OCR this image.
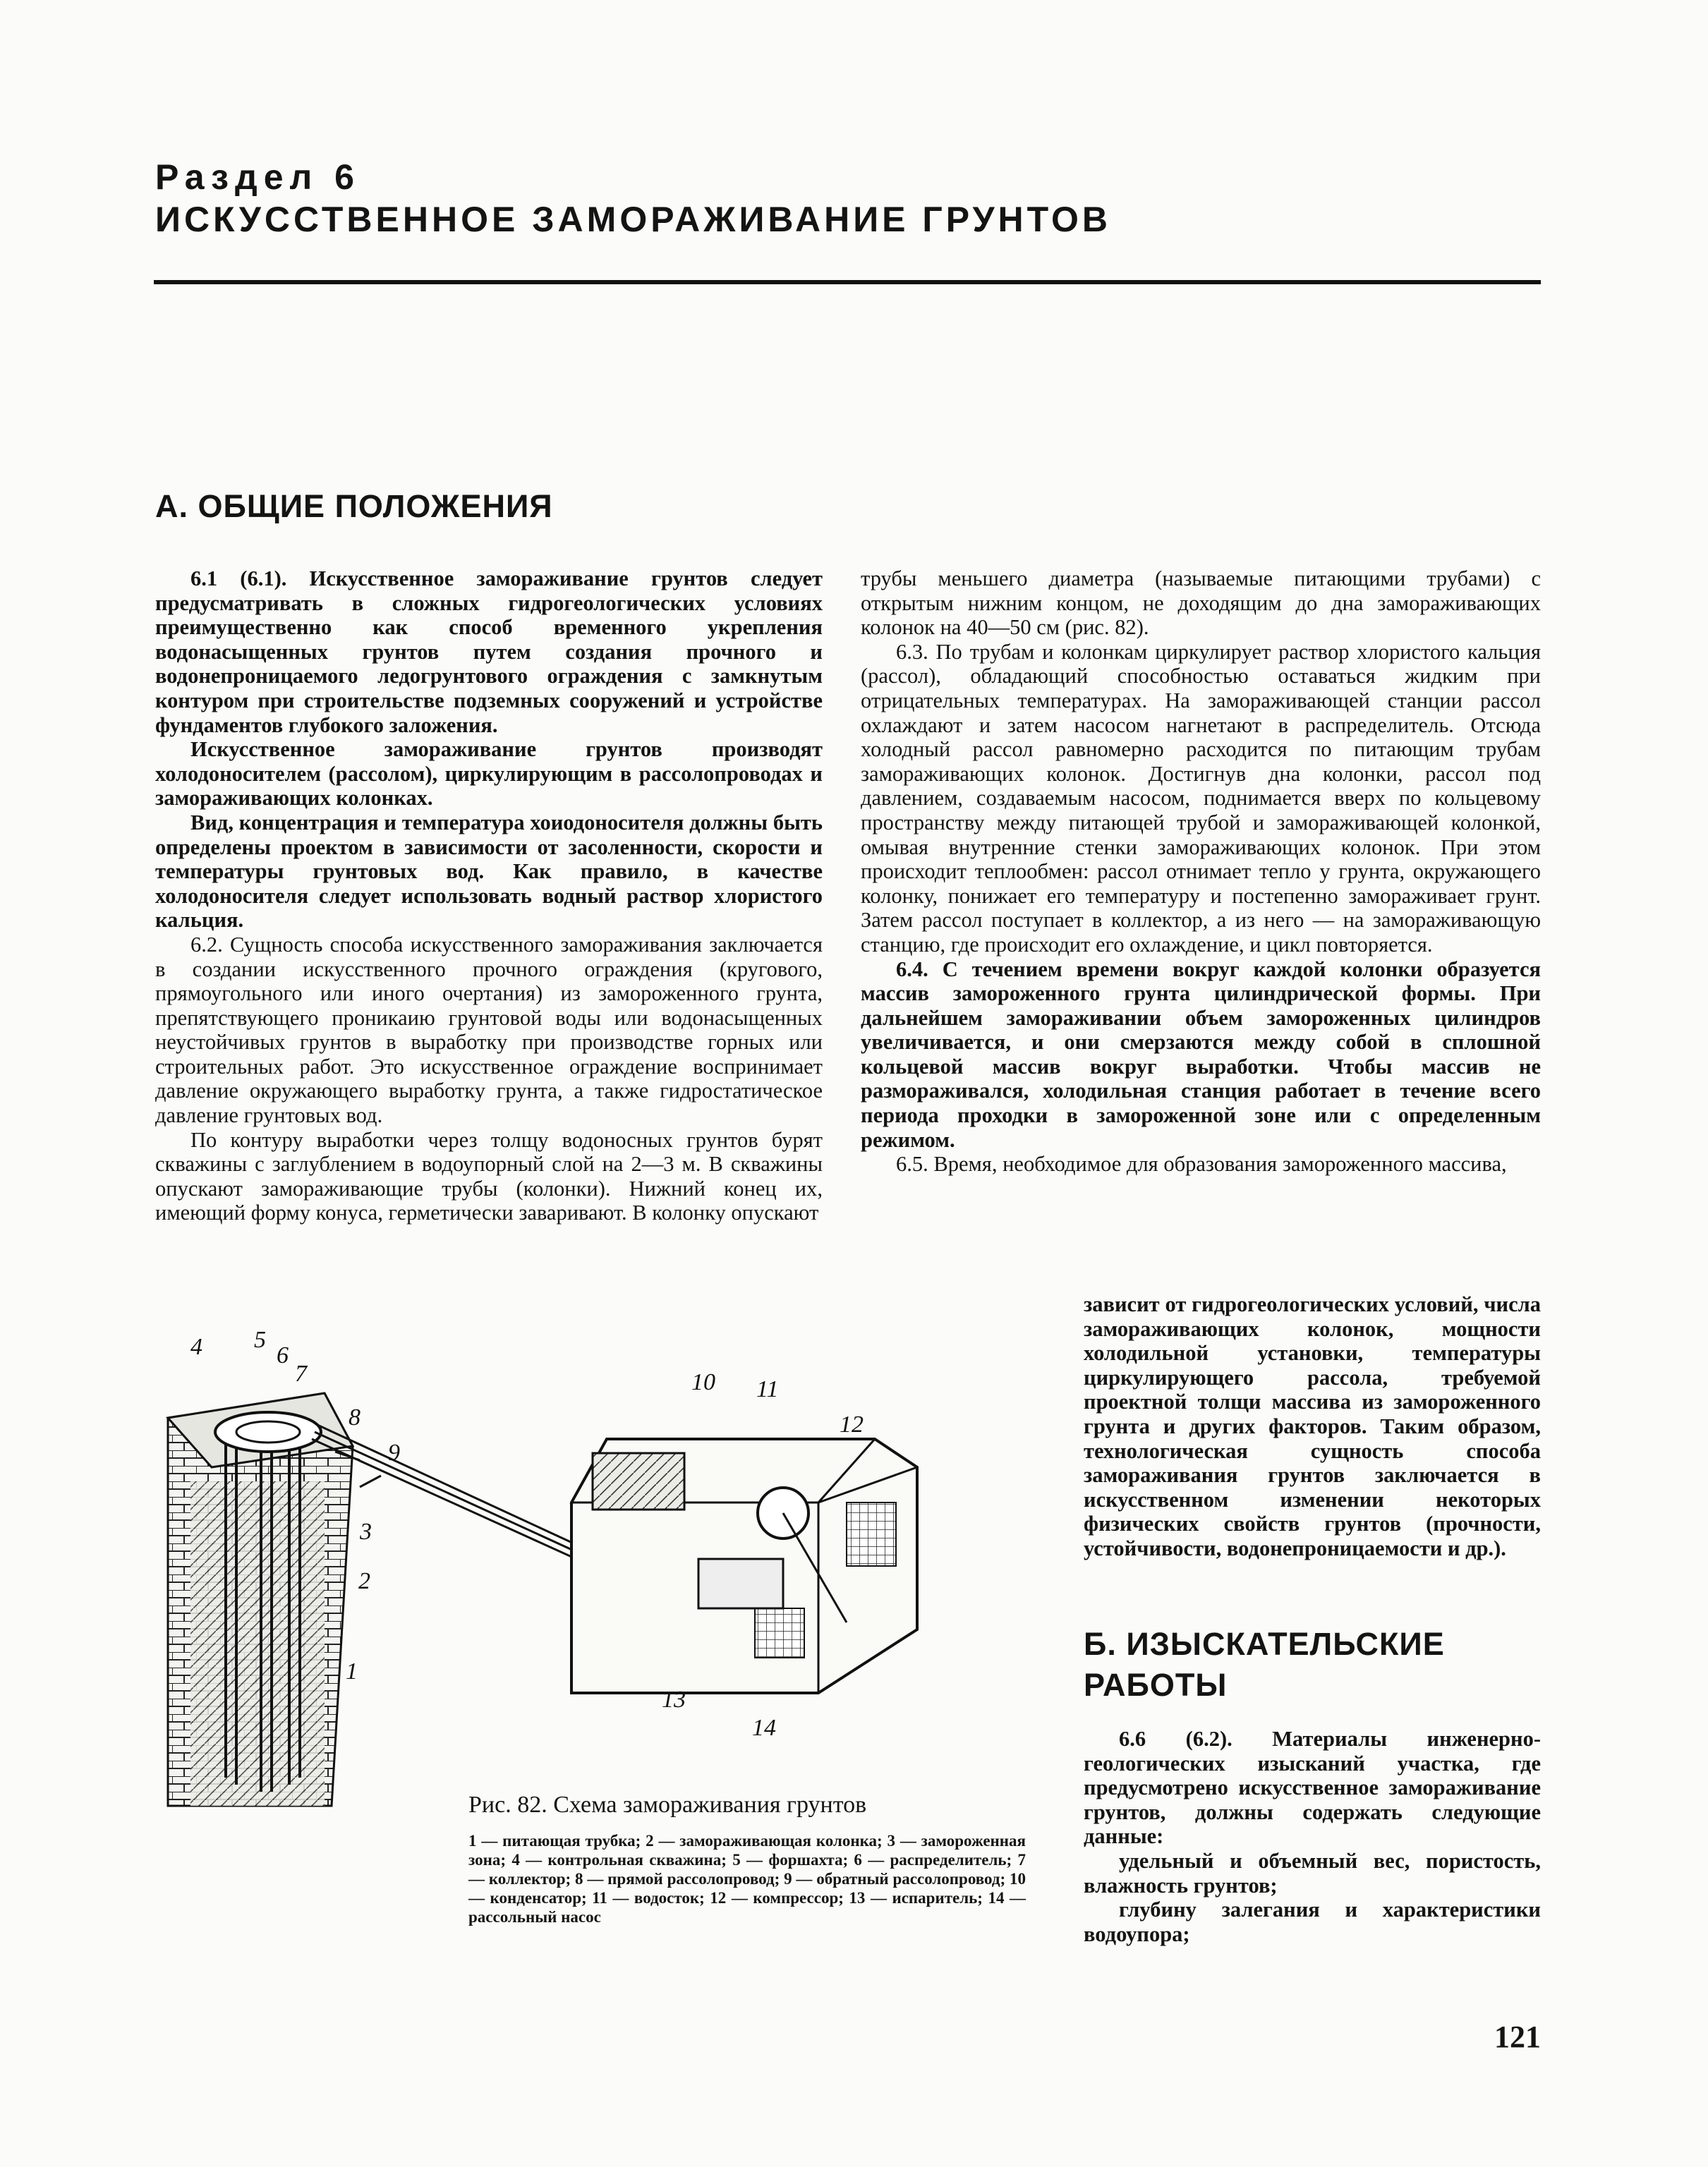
Раздел 6
ИСКУССТВЕННОЕ ЗАМОРАЖИВАНИЕ ГРУНТОВ
А. ОБЩИЕ ПОЛОЖЕНИЯ

6.1 (6.1). Искусственное замораживание грунтов следует предусматривать в сложных гидрогеологических условиях преимущественно как способ временного укрепления водонасыщенных грунтов путем создания прочного и водонепроницаемого ледогрунтового ограждения с замкнутым контуром при строительстве подземных сооружений и устройстве фундаментов глубокого заложения.

Искусственное замораживание грунтов производят холодоносителем (рассолом), циркулирующим в рассолопроводах и замораживающих колонках.

Вид, концентрация и температура хоиодоносителя должны быть определены проектом в зависимости от засоленности, скорости и температуры грунтовых вод. Как правило, в качестве холодоносителя следует использовать водный раствор хлористого кальция.

6.2. Сущность способа искусственного замораживания заключается в создании искусственного прочного ограждения (кругового, прямоугольного или иного очертания) из замороженного грунта, препятствующего проникаию грунтовой воды или водонасыщенных неустойчивых грунтов в выработку при производстве горных или строительных работ. Это искусственное ограждение воспринимает давление окружающего выработку грунта, а также гидростатическое давление грунтовых вод.

По контуру выработки через толщу водоносных грунтов бурят скважины с заглублением в водоупорный слой на 2—3 м. В скважины опускают замораживающие трубы (колонки). Нижний конец их, имеющий форму конуса, герметически заваривают. В колонку опускают

трубы меньшего диаметра (называемые питающими трубами) с открытым нижним концом, не доходящим до дна замораживающих колонок на 40—50 см (рис. 82).

6.3. По трубам и колонкам циркулирует раствор хлористого кальция (рассол), обладающий способностью оставаться жидким при отрицательных температурах. На замораживающей станции рассол охлаждают и затем насосом нагнетают в распределитель. Отсюда холодный рассол равномерно расходится по питающим трубам замораживающих колонок. Достигнув дна колонки, рассол под давлением, создаваемым насосом, поднимается вверх по кольцевому пространству между питающей трубой и замораживающей колонкой, омывая внутренние стенки замораживающих колонок. При этом происходит теплообмен: рассол отнимает тепло у грунта, окружающего колонку, понижает его температуру и постепенно замораживает грунт. Затем рассол поступает в коллектор, а из него — на замораживающую станцию, где происходит его охлаждение, и цикл повторяется.

6.4. С течением времени вокруг каждой колонки образуется массив замороженного грунта цилиндрической формы. При дальнейшем замораживании объем замороженных цилиндров увеличивается, и они смерзаются между собой в сплошной кольцевой массив вокруг выработки. Чтобы массив не размораживался, холодильная станция работает в течение всего периода проходки в замороженной зоне или с определенным режимом.

6.5. Время, необходимое для образования замороженного массива,

зависит от гидрогеологических условий, числа замораживающих колонок, мощности холодильной установки, температуры циркулирующего рассола, требуемой проектной толщи массива из замороженного грунта и других факторов. Таким образом, технологическая сущность способа замораживания грунтов заключается в искусственном изменении некоторых физических свойств грунтов (прочности, устойчивости, водонепроницаемости и др.).

Б. ИЗЫСКАТЕЛЬСКИЕ
РАБОТЫ

6.6 (6.2). Материалы инженерно-геологических изысканий участка, где предусмотрено искусственное замораживание грунтов, должны содержать следующие данные:

удельный и объемный вес, пористость, влажность грунтов;

глубину залегания и характеристики водоупора;

4 5
6
7
8
9
3
2
1
10 11
12
13
14

Рис. 82. Схема замораживания грунтов

1 — питающая трубка; 2 — замораживающая колонка; 3 — замороженная зона; 4 — контрольная скважина; 5 — форшахта; 6 — распределитель; 7 — коллектор; 8 — прямой рассолопровод; 9 — обратный рассолопровод; 10 — конденсатор; 11 — водосток; 12 — компрессор; 13 — испаритель; 14 — рассольный насос
121
